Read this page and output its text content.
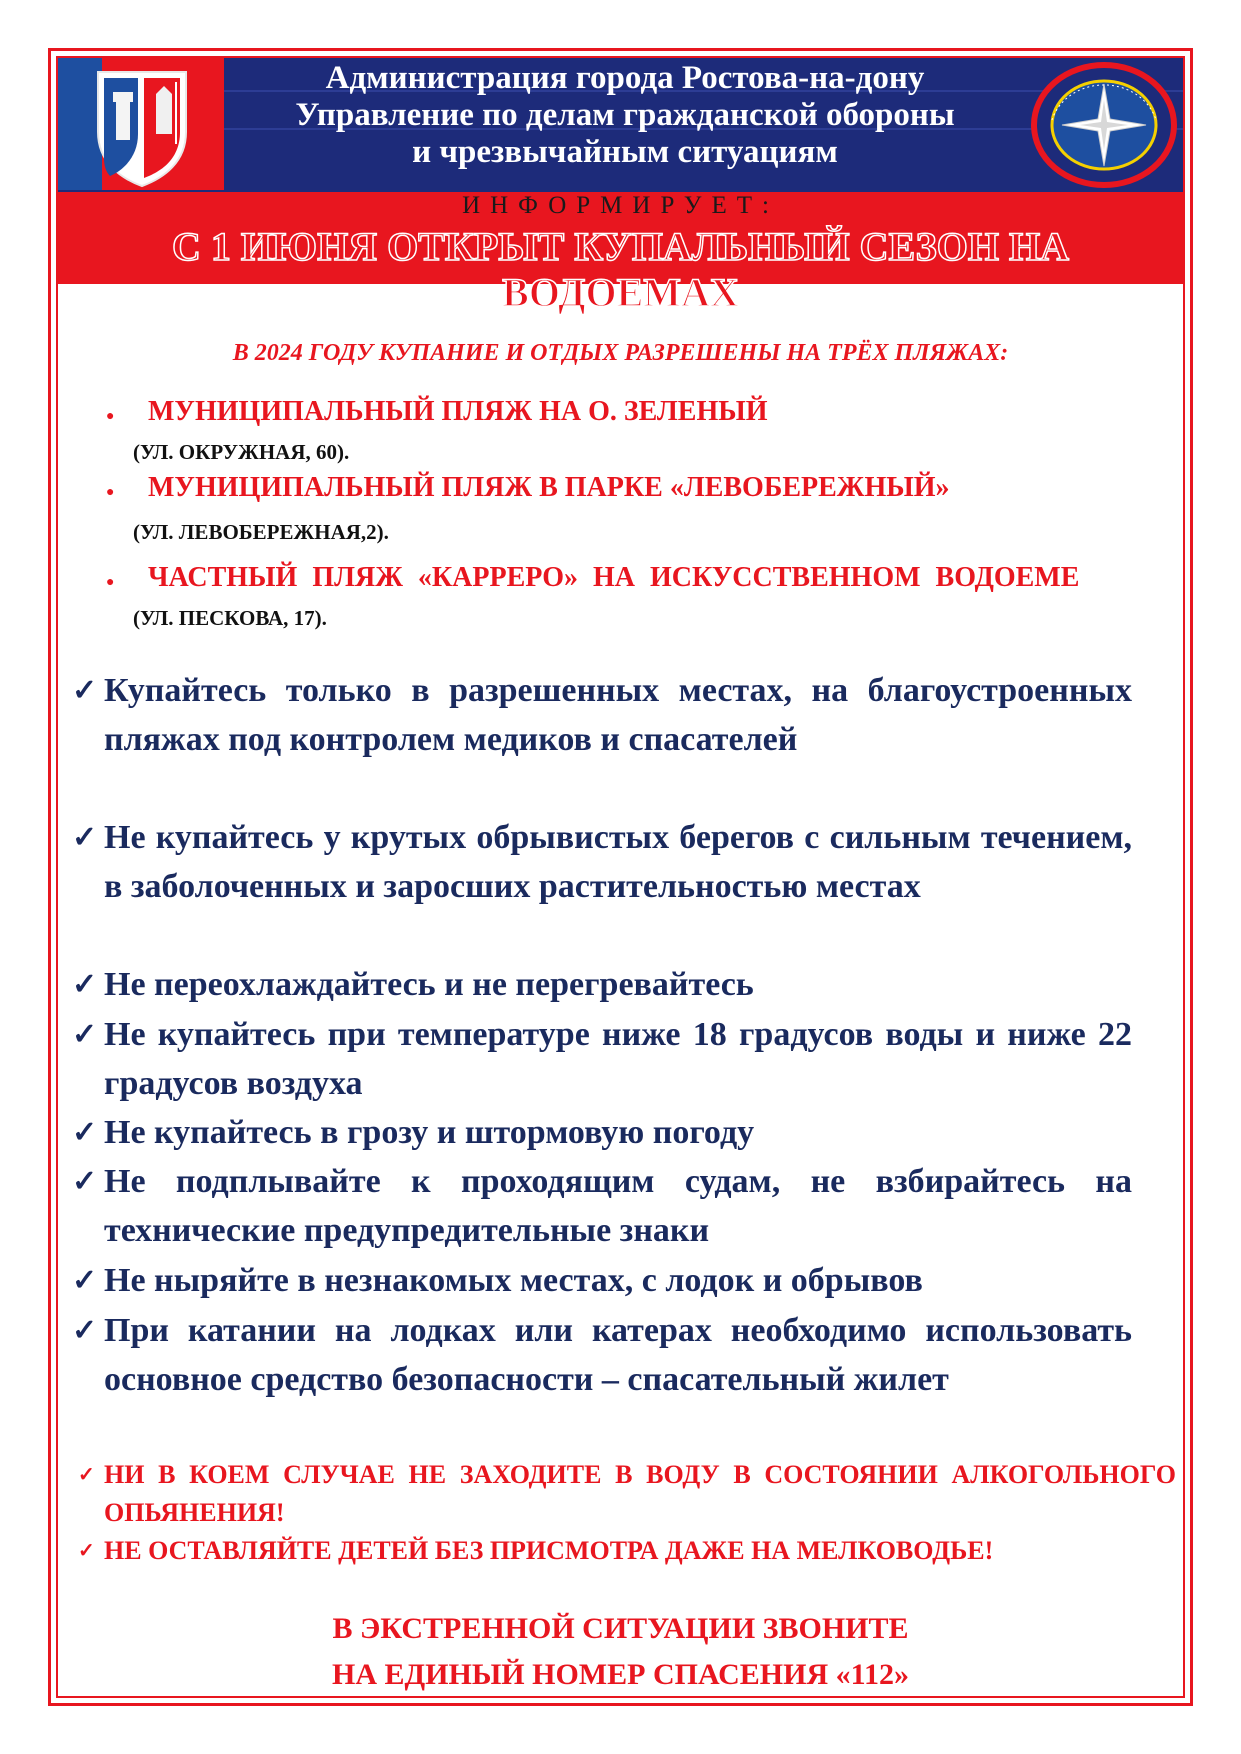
Администрация города Ростова-на-дону
Управление по делам гражданской обороны
и чрезвычайным ситуациям
ИНФОРМИРУЕТ:
С 1 ИЮНЯ ОТКРЫТ КУПАЛЬНЫЙ СЕЗОН НА ВОДОЕМАХ
В 2024 ГОДУ КУПАНИЕ И ОТДЫХ РАЗРЕШЕНЫ НА ТРЁХ ПЛЯЖАХ:
● МУНИЦИПАЛЬНЫЙ ПЛЯЖ НА О. ЗЕЛЕНЫЙ
(УЛ. ОКРУЖНАЯ, 60).
● МУНИЦИПАЛЬНЫЙ ПЛЯЖ В ПАРКЕ «ЛЕВОБЕРЕЖНЫЙ»
(УЛ. ЛЕВОБЕРЕЖНАЯ,2).
● ЧАСТНЫЙ ПЛЯЖ «КАРРЕРО» НА ИСКУССТВЕННОМ ВОДОЕМЕ
(УЛ. ПЕСКОВА, 17).
✓ Купайтесь только в разрешенных местах, на благоустроенных пляжах под контролем медиков и спасателей
✓ Не купайтесь у крутых обрывистых берегов с сильным течением, в заболоченных и заросших растительностью местах
✓ Не переохлаждайтесь и не перегревайтесь
✓ Не купайтесь при температуре ниже 18 градусов воды и ниже 22 градусов воздуха
✓ Не купайтесь в грозу и штормовую погоду
✓ Не подплывайте к проходящим судам, не взбирайтесь на технические предупредительные знаки
✓ Не ныряйте в незнакомых местах, с лодок и обрывов
✓ При катании на лодках или катерах необходимо использовать основное средство безопасности – спасательный жилет
✓ НИ В КОЕМ СЛУЧАЕ НЕ ЗАХОДИТЕ В ВОДУ В СОСТОЯНИИ АЛКОГОЛЬНОГО ОПЬЯНЕНИЯ!
✓ НЕ ОСТАВЛЯЙТЕ ДЕТЕЙ БЕЗ ПРИСМОТРА ДАЖЕ НА МЕЛКОВОДЬЕ!
В ЭКСТРЕННОЙ СИТУАЦИИ ЗВОНИТЕ
НА ЕДИНЫЙ НОМЕР СПАСЕНИЯ «112»
